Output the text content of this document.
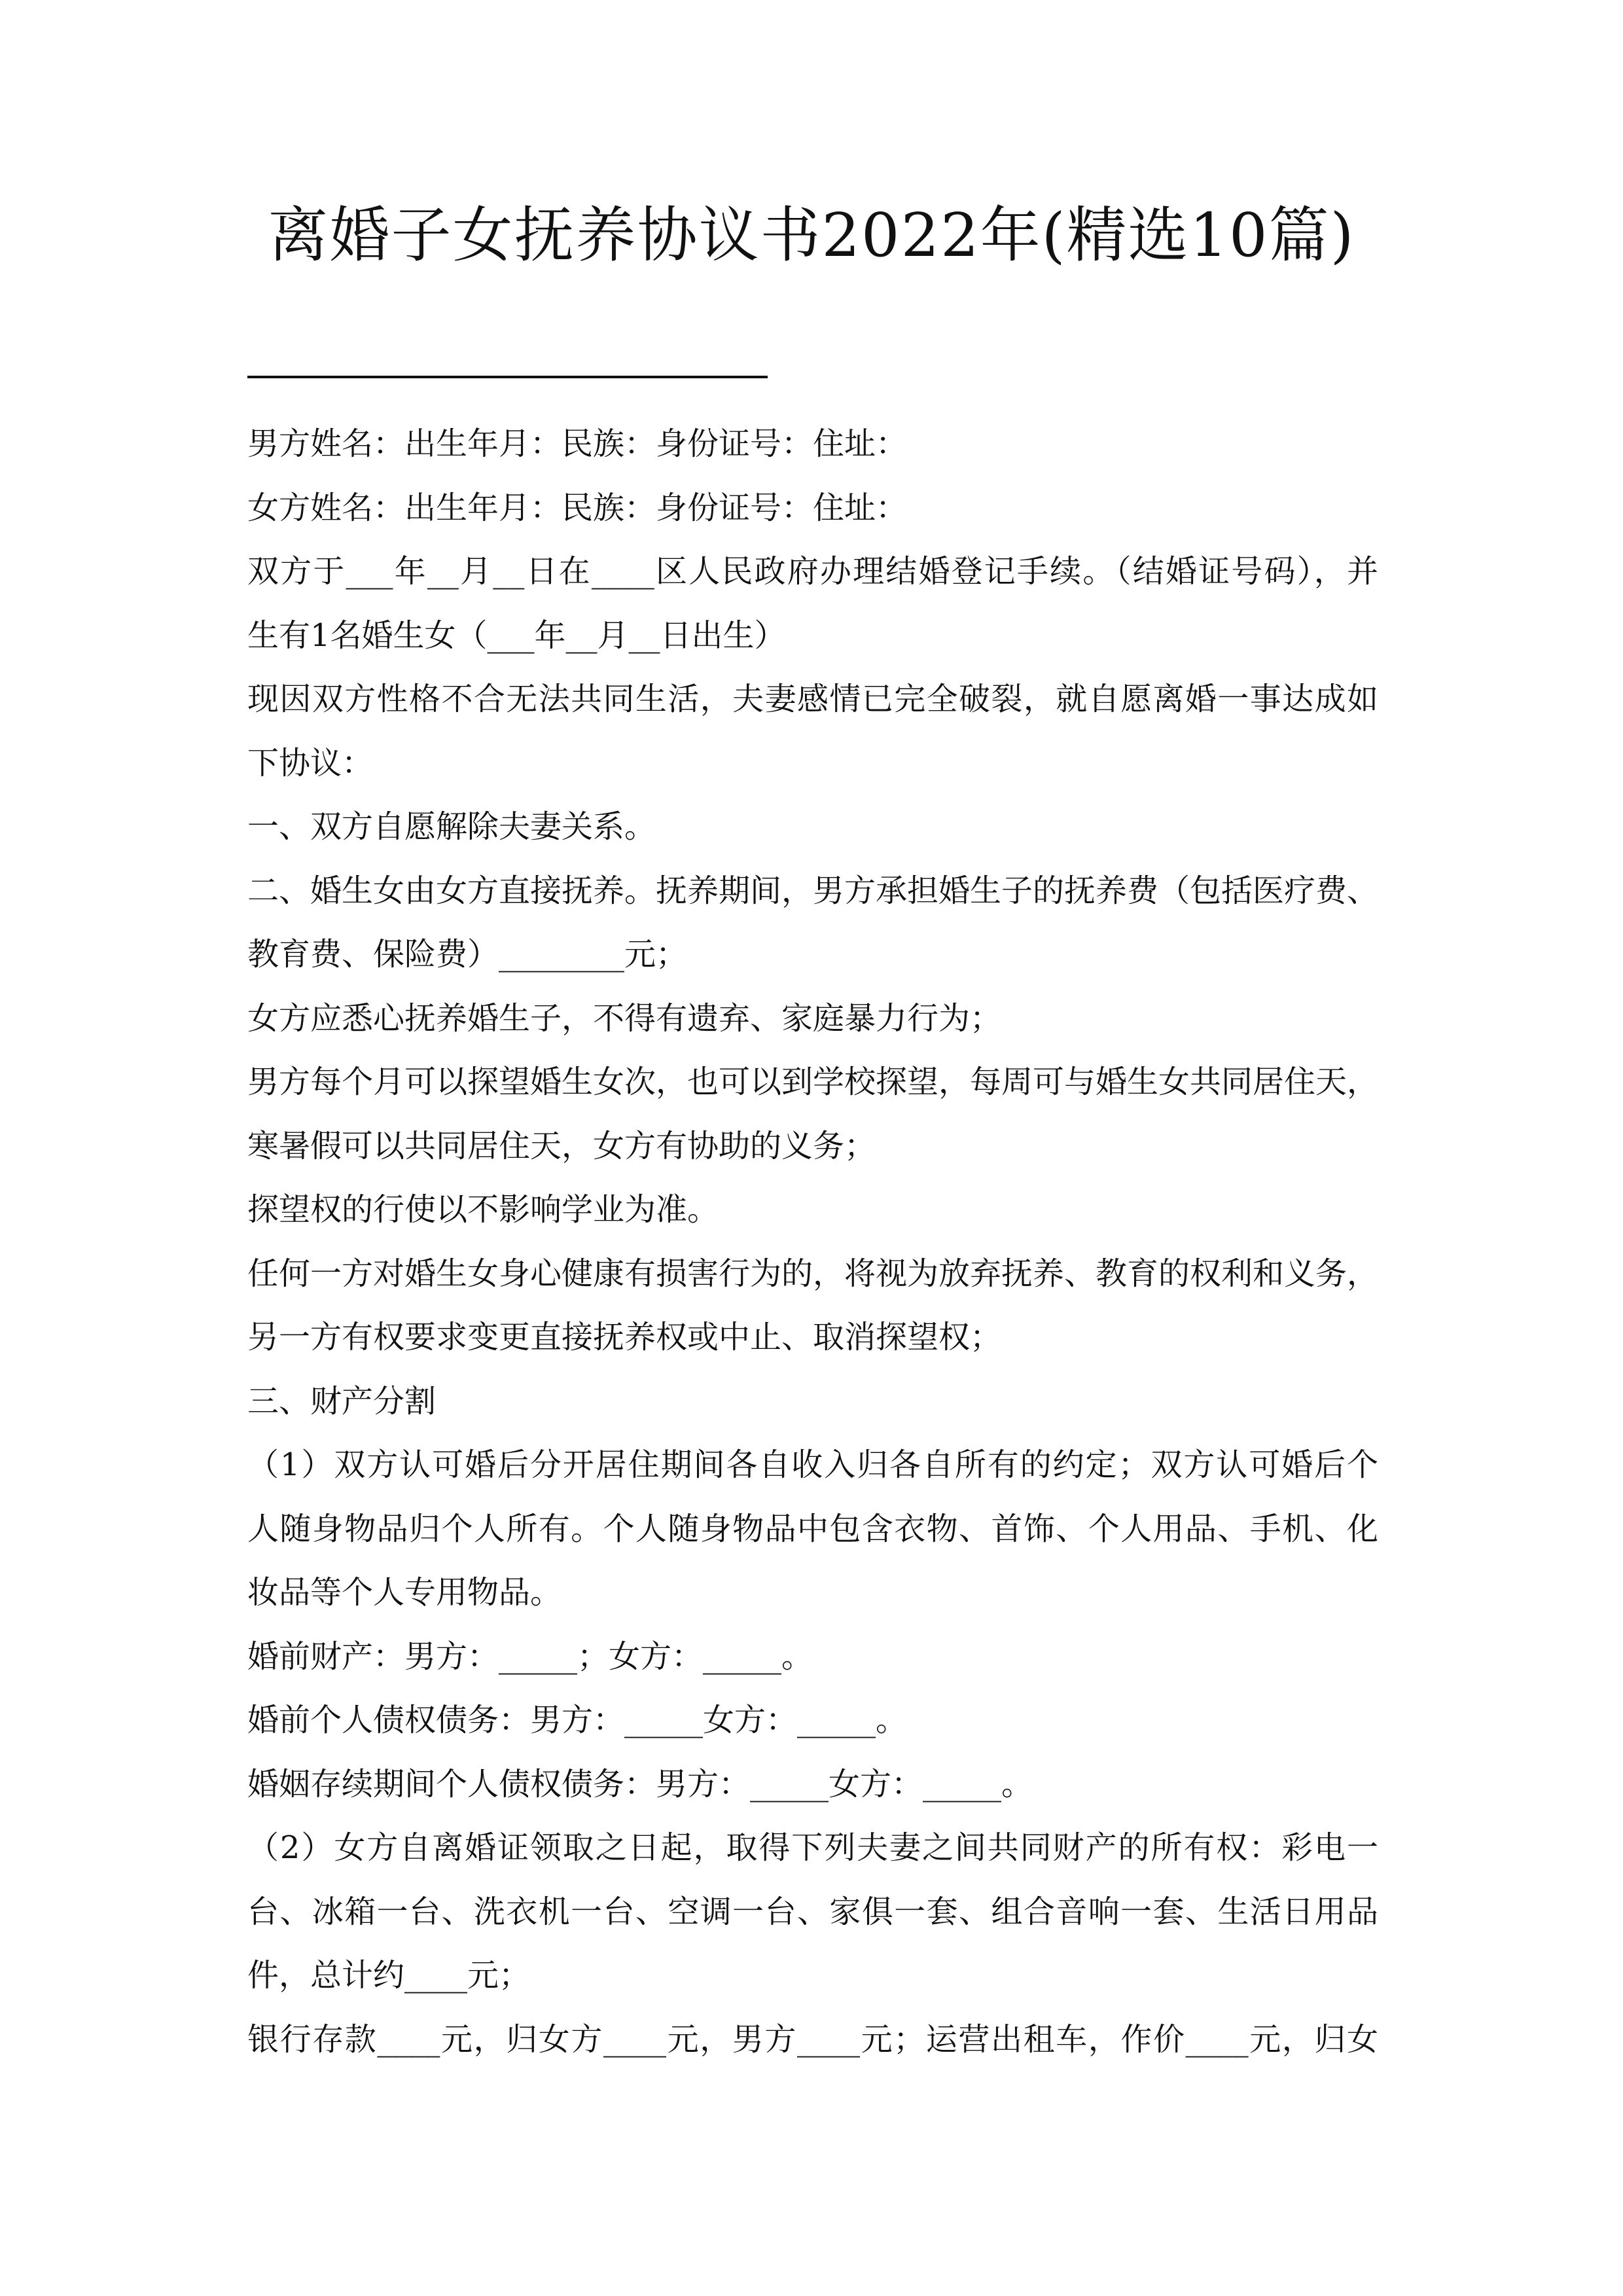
离婚子女抚养协议书2022年(精选10篇)
男方姓名：出生年月：民族：身份证号：住址：
女方姓名：出生年月：民族：身份证号：住址：
双方于___年__月__日在____区人民政府办理结婚登记手续。（结婚证号码），并
生有1名婚生女（___年__月__日出生）
现因双方性格不合无法共同生活，夫妻感情已完全破裂，就自愿离婚一事达成如
下协议：
一、双方自愿解除夫妻关系。
二、婚生女由女方直接抚养。抚养期间，男方承担婚生子的抚养费（包括医疗费、
教育费、保险费）________元；
女方应悉心抚养婚生子，不得有遗弃、家庭暴力行为；
男方每个月可以探望婚生女次，也可以到学校探望，每周可与婚生女共同居住天，
寒暑假可以共同居住天，女方有协助的义务；
探望权的行使以不影响学业为准。
任何一方对婚生女身心健康有损害行为的，将视为放弃抚养、教育的权利和义务，
另一方有权要求变更直接抚养权或中止、取消探望权；
三、财产分割
（1）双方认可婚后分开居住期间各自收入归各自所有的约定；双方认可婚后个
人随身物品归个人所有。个人随身物品中包含衣物、首饰、个人用品、手机、化
妆品等个人专用物品。
婚前财产：男方：_____；女方：_____。
婚前个人债权债务：男方：_____女方：_____。
婚姻存续期间个人债权债务：男方：_____女方：_____。
（2）女方自离婚证领取之日起，取得下列夫妻之间共同财产的所有权：彩电一
台、冰箱一台、洗衣机一台、空调一台、家俱一套、组合音响一套、生活日用品
件，总计约____元；
银行存款____元，归女方____元，男方____元；运营出租车，作价____元，归女
